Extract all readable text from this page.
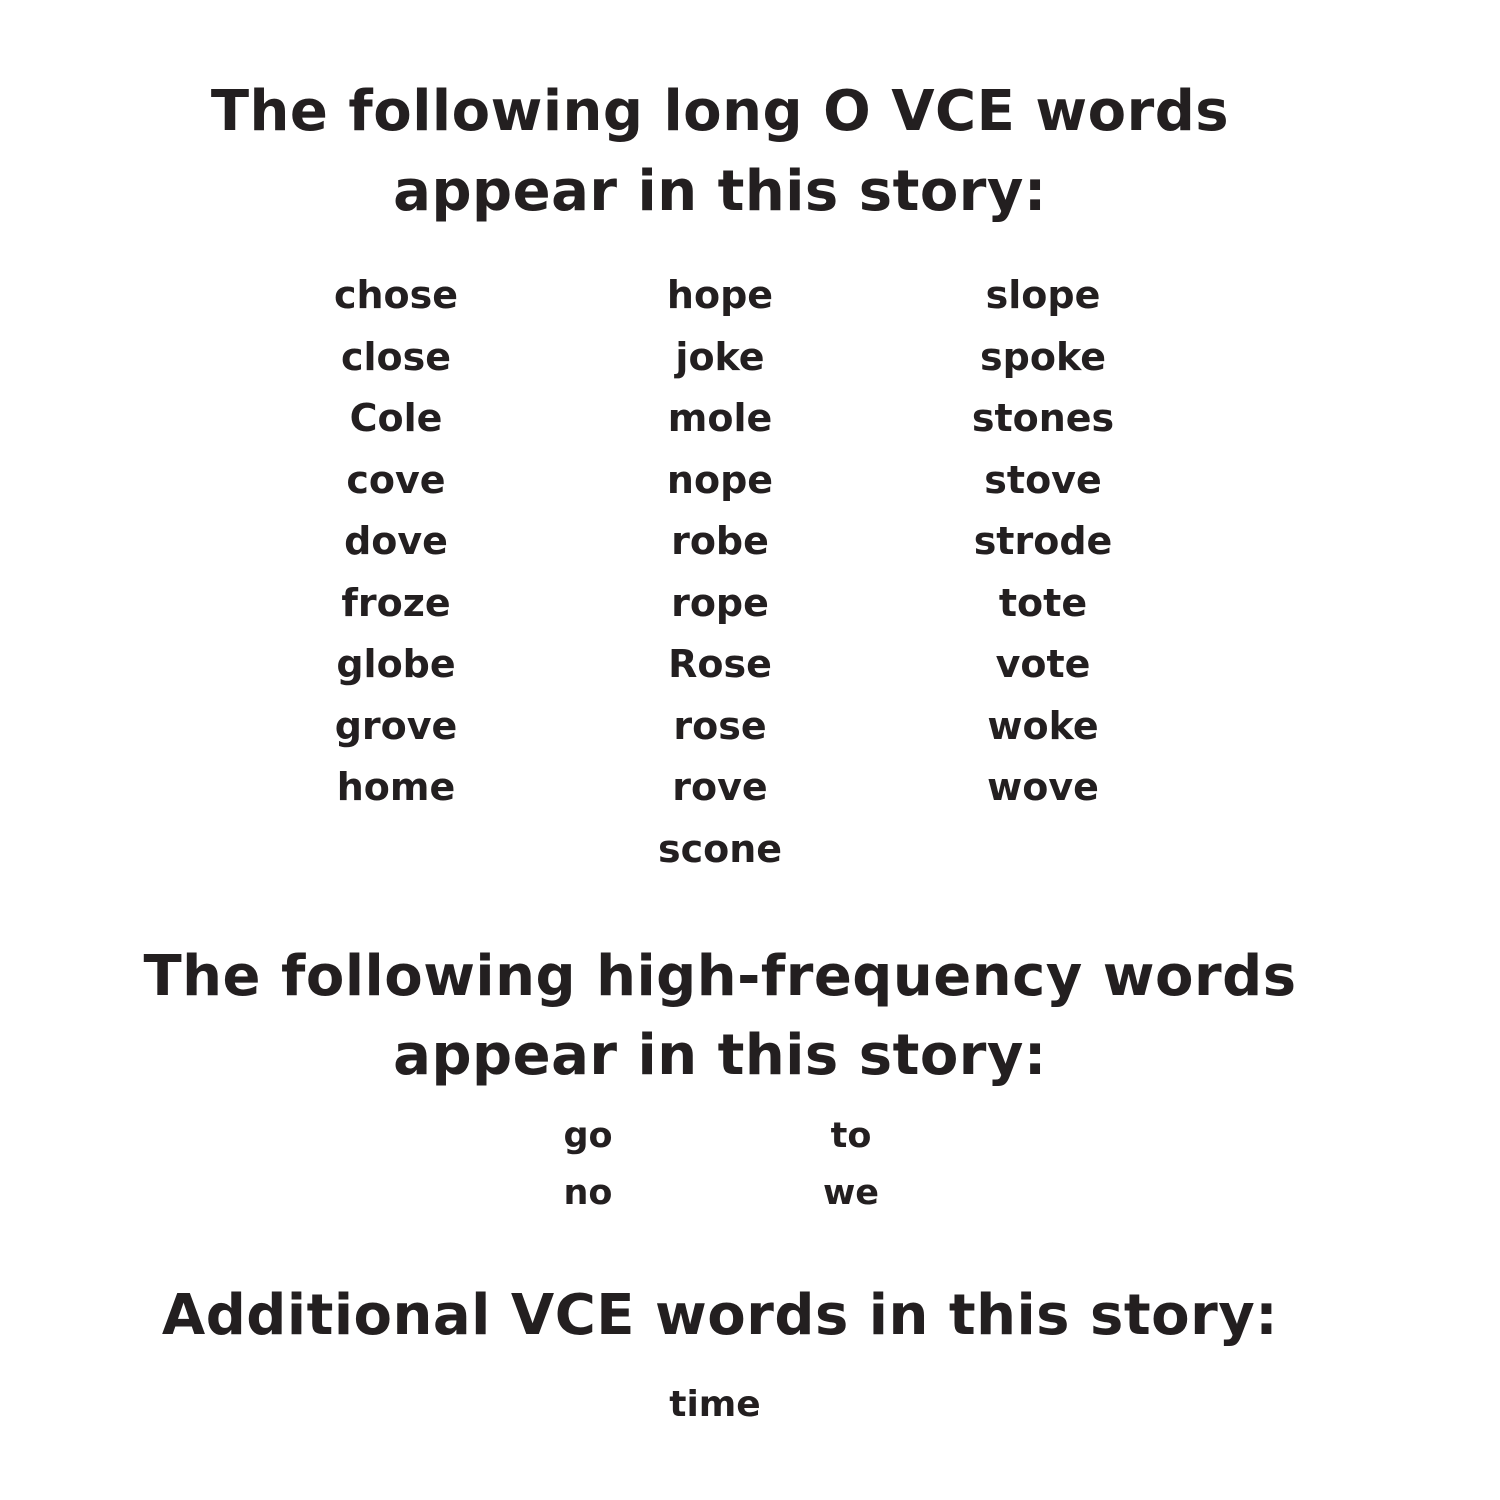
The following long O VCE words
appear in this story:
chose
close
Cole
cove
dove
froze
globe
grove
home
hope
joke
mole
nope
robe
rope
Rose
rose
rove
scone
slope
spoke
stones
stove
strode
tote
vote
woke
wove
The following high-frequency words
appear in this story:
go
no
to
we
Additional VCE words in this story:
time
